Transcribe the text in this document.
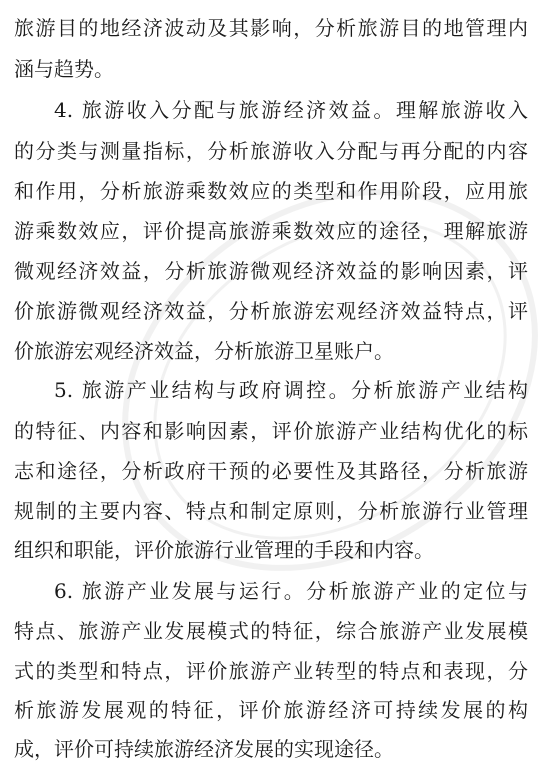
旅游目的地经济波动及其影响，分析旅游目的地管理内
涵与趋势。
4. 旅游收入分配与旅游经济效益。理解旅游收入
的分类与测量指标，分析旅游收入分配与再分配的内容
和作用，分析旅游乘数效应的类型和作用阶段，应用旅
游乘数效应，评价提高旅游乘数效应的途径，理解旅游
微观经济效益，分析旅游微观经济效益的影响因素，评
价旅游微观经济效益，分析旅游宏观经济效益特点，评
价旅游宏观经济效益，分析旅游卫星账户。
5. 旅游产业结构与政府调控。分析旅游产业结构
的特征、内容和影响因素，评价旅游产业结构优化的标
志和途径，分析政府干预的必要性及其路径，分析旅游
规制的主要内容、特点和制定原则，分析旅游行业管理
组织和职能，评价旅游行业管理的手段和内容。
6. 旅游产业发展与运行。分析旅游产业的定位与
特点、旅游产业发展模式的特征，综合旅游产业发展模
式的类型和特点，评价旅游产业转型的特点和表现，分
析旅游发展观的特征，评价旅游经济可持续发展的构
成，评价可持续旅游经济发展的实现途径。
